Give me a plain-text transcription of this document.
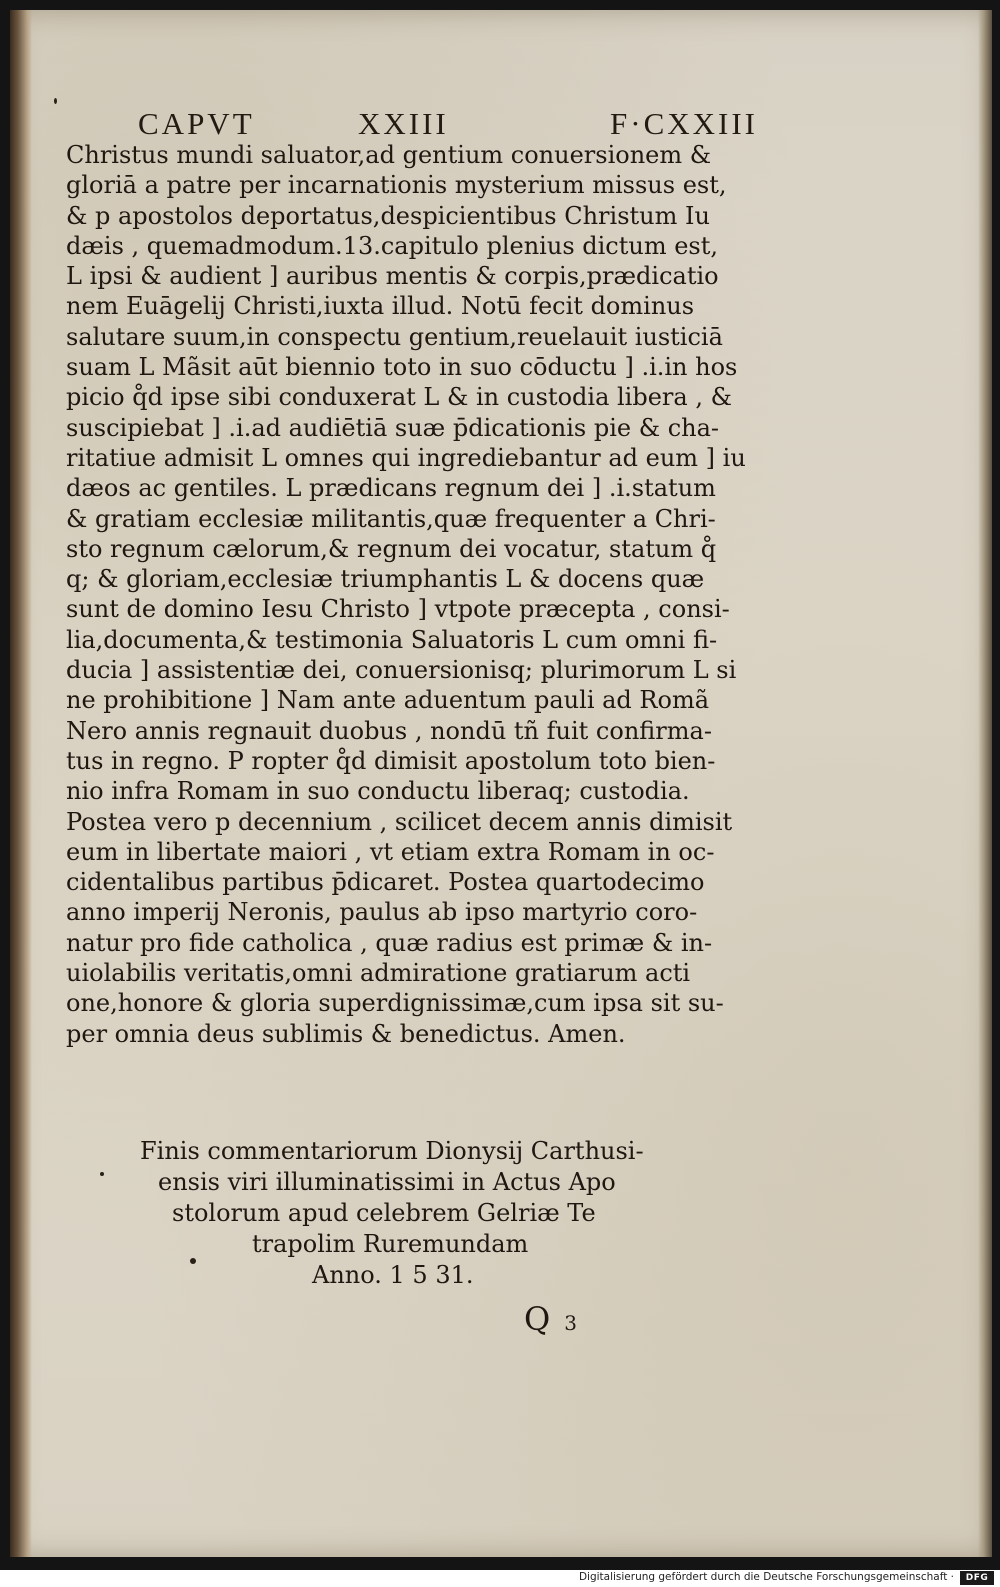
CAPVT	XXIII	F·CXXIII
Christus mundi saluator,ad gentium conuersionem &
gloriā a patre per incarnationis mysterium missus est,
& p apostolos deportatus,despicientibus Christum Iu
dæis , quemadmodum.13.capitulo plenius dictum est,
L ipsi & audient ] auribus mentis & corpis,prædicatio
nem Euāgelij Christi,iuxta illud. Notū fecit dominus
salutare suum,in conspectu gentium,reuelauit iusticiā
suam L Mãsit aūt biennio toto in suo cōductu ] .i.in hos
picio q̊d ipse sibi conduxerat L & in custodia libera , &
suscipiebat ] .i.ad audiētiā suæ p̄dicationis pie & cha-
ritatiue admisit L omnes qui ingrediebantur ad eum ] iu
dæos ac gentiles. L prædicans regnum dei ] .i.statum
& gratiam ecclesiæ militantis,quæ frequenter a Chri-
sto regnum cælorum,& regnum dei vocatur, statum q̊
q; & gloriam,ecclesiæ triumphantis L & docens quæ
sunt de domino Iesu Christo ] vtpote præcepta , consi-
lia,documenta,& testimonia Saluatoris L cum omni fi-
ducia ] assistentiæ dei, conuersionisq; plurimorum L si
ne prohibitione ] Nam ante aduentum pauli ad Romã
Nero annis regnauit duobus , nondū tñ fuit confirma-
tus in regno. P ropter q̊d dimisit apostolum toto bien-
nio infra Romam in suo conductu liberaq; custodia.
Postea vero p decennium , scilicet decem annis dimisit
eum in libertate maiori , vt etiam extra Romam in oc-
cidentalibus partibus p̄dicaret. Postea quartodecimo
anno imperij Neronis, paulus ab ipso martyrio coro-
natur pro fide catholica , quæ radius est primæ & in-
uiolabilis veritatis,omni admiratione gratiarum acti
one,honore & gloria superdignissimæ,cum ipsa sit su-
per omnia deus sublimis & benedictus. Amen.
Finis commentariorum Dionysij Carthusi-
ensis viri illuminatissimi in Actus Apo
stolorum apud celebrem Gelriæ Te
trapolim Ruremundam
Anno. 1 5 31.
Q 3
Digitalisierung gefördert durch die Deutsche Forschungsgemeinschaft ·	DFG
